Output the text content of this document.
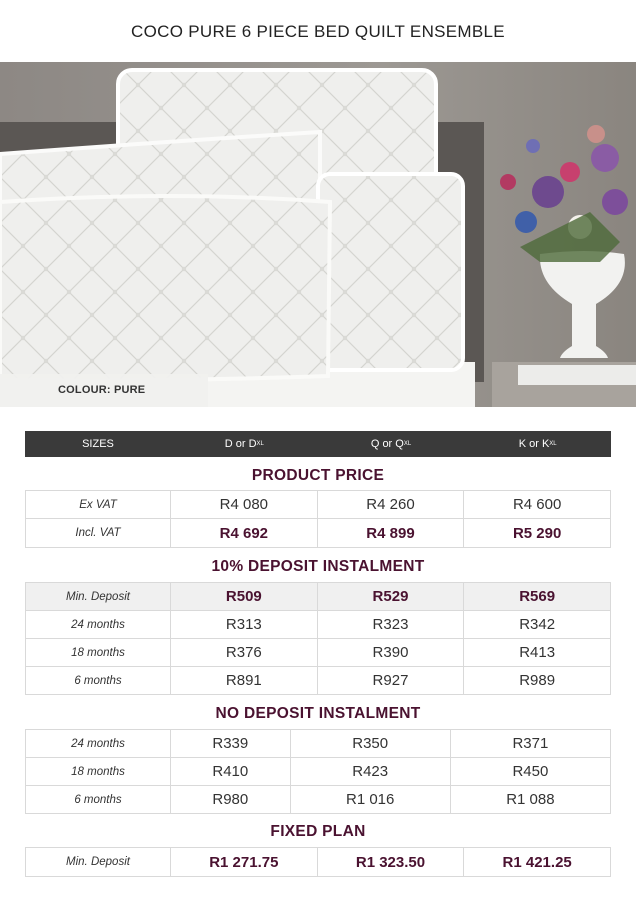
COCO PURE 6 PIECE BED QUILT ENSEMBLE
COLOUR: PURE
SIZES	D or D XL	Q or Q XL	K or K XL
PRODUCT PRICE
Ex VAT	R4 080	R4 260	R4 600
Incl. VAT	R4 692	R4 899	R5 290
10% DEPOSIT INSTALMENT
Min. Deposit	R509	R529	R569
24 months	R313	R323	R342
18 months	R376	R390	R413
6 months	R891	R927	R989
NO DEPOSIT INSTALMENT
24 months	R339	R350	R371
18 months	R410	R423	R450
6 months	R980	R1 016	R1 088
FIXED PLAN
Min. Deposit	R1 271.75	R1 323.50	R1 421.25
